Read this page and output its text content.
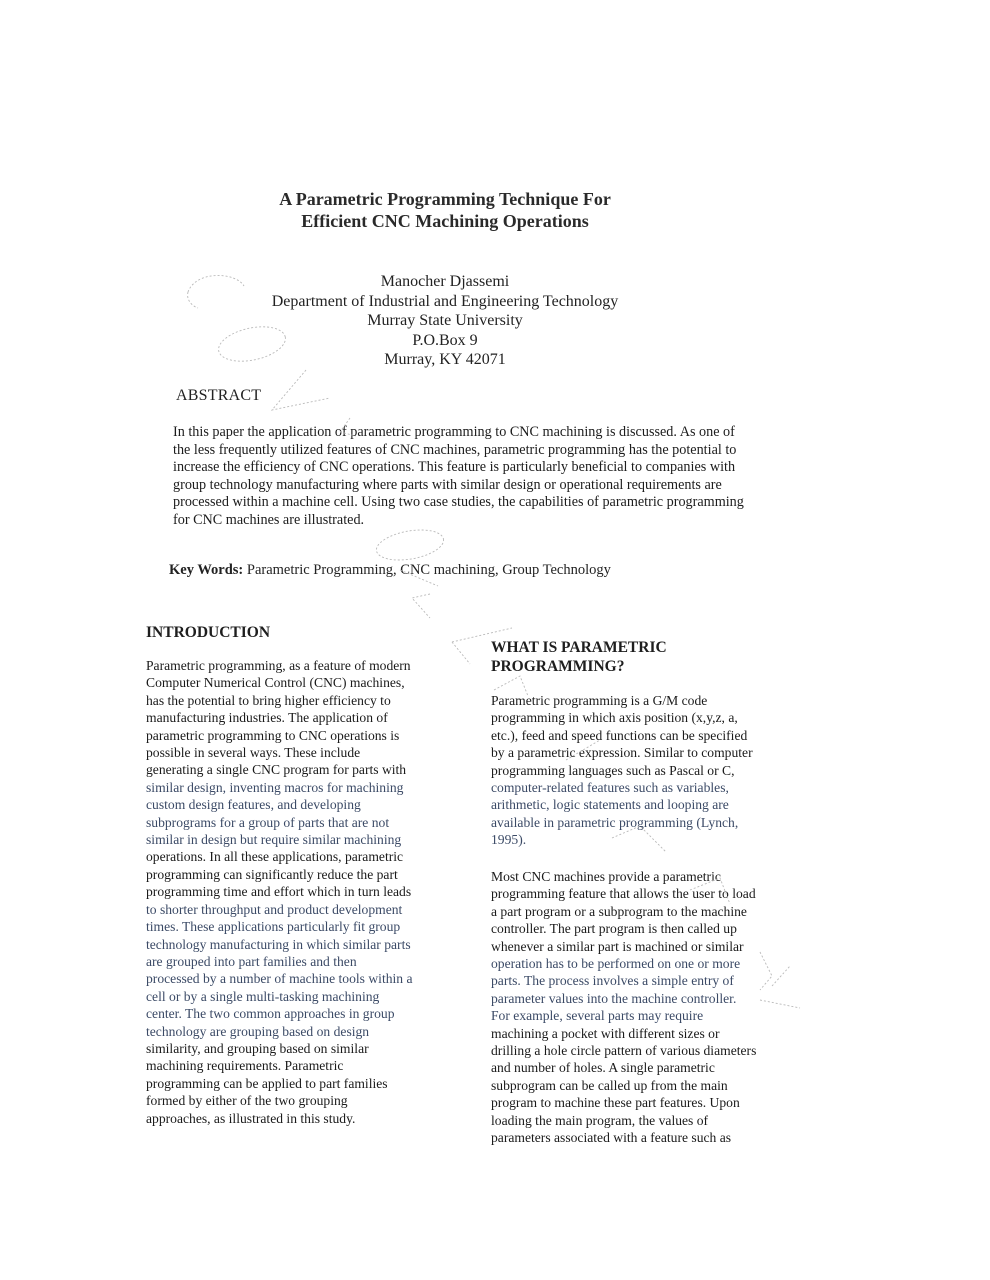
A Parametric Programming Technique For
Efficient CNC Machining Operations
Manocher Djassemi
Department of Industrial and Engineering Technology
Murray State University
P.O.Box 9
Murray, KY 42071
ABSTRACT
In this paper the application of parametric programming to CNC machining is discussed. As one of
the less frequently utilized features of CNC machines, parametric programming has the potential to
increase the efficiency of CNC operations. This feature is particularly beneficial to companies with
group technology manufacturing where parts with similar design or operational requirements are
processed within a machine cell. Using two case studies, the capabilities of parametric programming
for CNC machines are illustrated.
Key Words: Parametric Programming, CNC machining, Group Technology
INTRODUCTION
Parametric programming, as a feature of modern
Computer Numerical Control (CNC) machines,
has the potential to bring higher efficiency to
manufacturing industries. The application of
parametric programming to CNC operations is
possible in several ways. These include
generating a single CNC program for parts with
similar design, inventing macros for machining
custom design features, and developing
subprograms for a group of parts that are not
similar in design but require similar machining
operations. In all these applications, parametric
programming can significantly reduce the part
programming time and effort which in turn leads
to shorter throughput and product development
times. These applications particularly fit group
technology manufacturing in which similar parts
are grouped into part families and then
processed by a number of machine tools within a
cell or by a single multi-tasking machining
center. The two common approaches in group
technology are grouping based on design
similarity, and grouping based on similar
machining requirements. Parametric
programming can be applied to part families
formed by either of the two grouping
approaches, as illustrated in this study.
WHAT IS PARAMETRIC
PROGRAMMING?
Parametric programming is a G/M code
programming in which axis position (x,y,z, a,
etc.), feed and speed functions can be specified
by a parametric expression. Similar to computer
programming languages such as Pascal or C,
computer-related features such as variables,
arithmetic, logic statements and looping are
available in parametric programming (Lynch,
1995).
Most CNC machines provide a parametric
programming feature that allows the user to load
a part program or a subprogram to the machine
controller. The part program is then called up
whenever a similar part is machined or similar
operation has to be performed on one or more
parts. The process involves a simple entry of
parameter values into the machine controller.
For example, several parts may require
machining a pocket with different sizes or
drilling a hole circle pattern of various diameters
and number of holes. A single parametric
subprogram can be called up from the main
program to machine these part features. Upon
loading the main program, the values of
parameters associated with a feature such as
